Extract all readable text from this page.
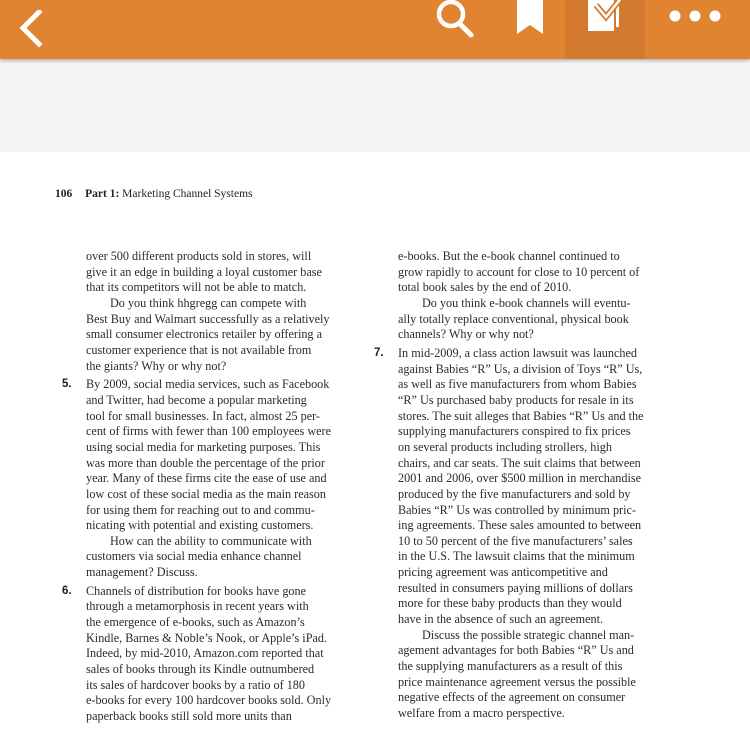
106 Part 1: Marketing Channel Systems
over 500 different products sold in stores, will
give it an edge in building a loyal customer base
that its competitors will not be able to match.
Do you think hhgregg can compete with
Best Buy and Walmart successfully as a relatively
small consumer electronics retailer by offering a
customer experience that is not available from
the giants? Why or why not?
5. By 2009, social media services, such as Facebook
and Twitter, had become a popular marketing
tool for small businesses. In fact, almost 25 per-
cent of firms with fewer than 100 employees were
using social media for marketing purposes. This
was more than double the percentage of the prior
year. Many of these firms cite the ease of use and
low cost of these social media as the main reason
for using them for reaching out to and commu-
nicating with potential and existing customers.
How can the ability to communicate with
customers via social media enhance channel
management? Discuss.
6. Channels of distribution for books have gone
through a metamorphosis in recent years with
the emergence of e-books, such as Amazon’s
Kindle, Barnes & Noble’s Nook, or Apple’s iPad.
Indeed, by mid-2010, Amazon.com reported that
sales of books through its Kindle outnumbered
its sales of hardcover books by a ratio of 180
e-books for every 100 hardcover books sold. Only
paperback books still sold more units than
e-books. But the e-book channel continued to
grow rapidly to account for close to 10 percent of
total book sales by the end of 2010.
Do you think e-book channels will eventu-
ally totally replace conventional, physical book
channels? Why or why not?
7. In mid-2009, a class action lawsuit was launched
against Babies “R” Us, a division of Toys “R” Us,
as well as five manufacturers from whom Babies
“R” Us purchased baby products for resale in its
stores. The suit alleges that Babies “R” Us and the
supplying manufacturers conspired to fix prices
on several products including strollers, high
chairs, and car seats. The suit claims that between
2001 and 2006, over $500 million in merchandise
produced by the five manufacturers and sold by
Babies “R” Us was controlled by minimum pric-
ing agreements. These sales amounted to between
10 to 50 percent of the five manufacturers’ sales
in the U.S. The lawsuit claims that the minimum
pricing agreement was anticompetitive and
resulted in consumers paying millions of dollars
more for these baby products than they would
have in the absence of such an agreement.
Discuss the possible strategic channel man-
agement advantages for both Babies “R” Us and
the supplying manufacturers as a result of this
price maintenance agreement versus the possible
negative effects of the agreement on consumer
welfare from a macro perspective.
